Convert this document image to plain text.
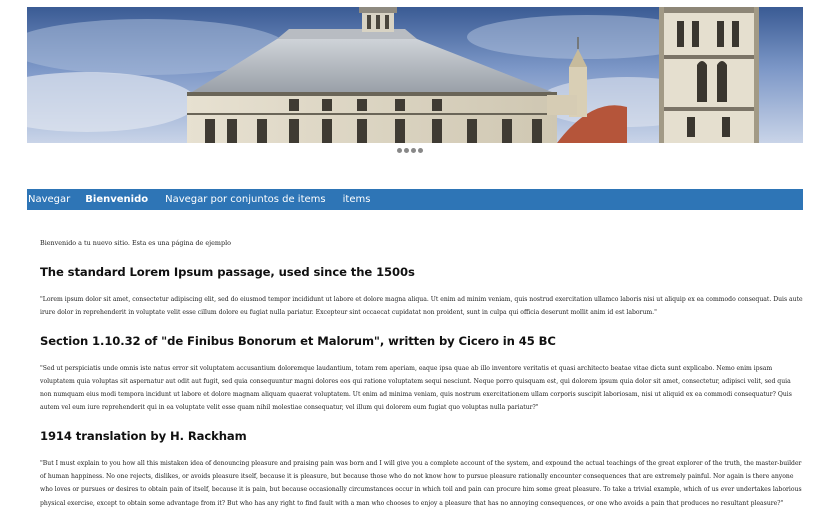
Navegar Bienvenido Navegar por conjuntos de items items

Bienvenido a tu nuevo sitio. Esta es una página de ejemplo

The standard Lorem Ipsum passage, used since the 1500s

"Lorem ipsum dolor sit amet, consectetur adipiscing elit, sed do eiusmod tempor incididunt ut labore et dolore magna aliqua. Ut enim ad minim veniam, quis nostrud exercitation ullamco laboris nisi ut aliquip ex ea commodo consequat. Duis aute irure dolor in reprehenderit in voluptate velit esse cillum dolore eu fugiat nulla pariatur. Excepteur sint occaecat cupidatat non proident, sunt in culpa qui officia deserunt mollit anim id est laborum."

Section 1.10.32 of "de Finibus Bonorum et Malorum", written by Cicero in 45 BC

"Sed ut perspiciatis unde omnis iste natus error sit voluptatem accusantium doloremque laudantium, totam rem aperiam, eaque ipsa quae ab illo inventore veritatis et quasi architecto beatae vitae dicta sunt explicabo. Nemo enim ipsam voluptatem quia voluptas sit aspernatur aut odit aut fugit, sed quia consequuntur magni dolores eos qui ratione voluptatem sequi nesciunt. Neque porro quisquam est, qui dolorem ipsum quia dolor sit amet, consectetur, adipisci velit, sed quia non numquam eius modi tempora incidunt ut labore et dolore magnam aliquam quaerat voluptatem. Ut enim ad minima veniam, quis nostrum exercitationem ullam corporis suscipit laboriosam, nisi ut aliquid ex ea commodi consequatur? Quis autem vel eum iure reprehenderit qui in ea voluptate velit esse quam nihil molestiae consequatur, vel illum qui dolorem eum fugiat quo voluptas nulla pariatur?"

1914 translation by H. Rackham

"But I must explain to you how all this mistaken idea of denouncing pleasure and praising pain was born and I will give you a complete account of the system, and expound the actual teachings of the great explorer of the truth, the master-builder of human happiness. No one rejects, dislikes, or avoids pleasure itself, because it is pleasure, but because those who do not know how to pursue pleasure rationally encounter consequences that are extremely painful. Nor again is there anyone who loves or pursues or desires to obtain pain of itself, because it is pain, but because occasionally circumstances occur in which toil and pain can procure him some great pleasure. To take a trivial example, which of us ever undertakes laborious physical exercise, except to obtain some advantage from it? But who has any right to find fault with a man who chooses to enjoy a pleasure that has no annoying consequences, or one who avoids a pain that produces no resultant pleasure?"
